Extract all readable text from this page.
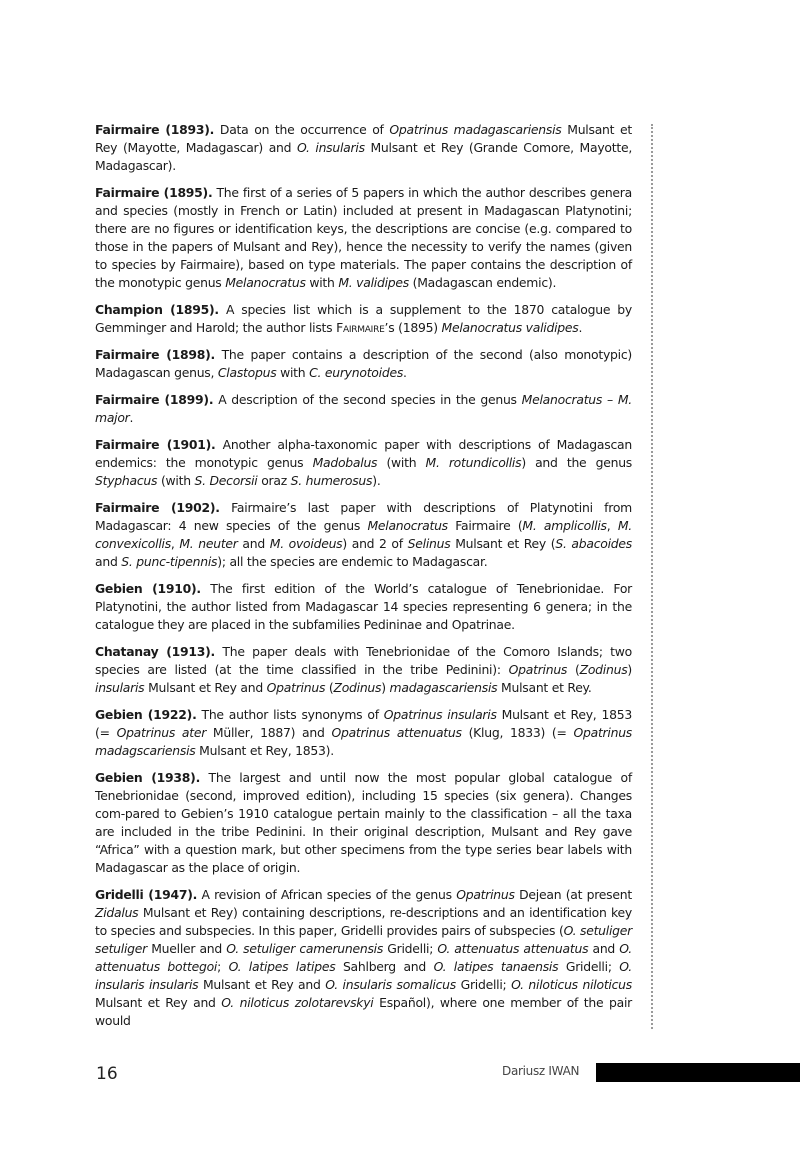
Fairmaire (1893). Data on the occurrence of Opatrinus madagascariensis Mulsant et Rey (Mayotte, Madagascar) and O. insularis Mulsant et Rey (Grande Comore, Mayotte, Madagascar).

Fairmaire (1895). The first of a series of 5 papers in which the author describes genera and species (mostly in French or Latin) included at present in Madagascan Platynotini; there are no figures or identification keys, the descriptions are concise (e.g. compared to those in the papers of Mulsant and Rey), hence the necessity to verify the names (given to species by Fairmaire), based on type materials. The paper contains the description of the monotypic genus Melanocratus with M. validipes (Madagascan endemic).

Champion (1895). A species list which is a supplement to the 1870 catalogue by Gemminger and Harold; the author lists Fairmaire’s (1895) Melanocratus validipes.

Fairmaire (1898). The paper contains a description of the second (also monotypic) Madagascan genus, Clastopus with C. eurynotoides.

Fairmaire (1899). A description of the second species in the genus Melanocratus – M. major.

Fairmaire (1901). Another alpha-taxonomic paper with descriptions of Madagascan endemics: the monotypic genus Madobalus (with M. rotundicollis) and the genus Styphacus (with S. Decorsii oraz S. humerosus).

Fairmaire (1902). Fairmaire’s last paper with descriptions of Platynotini from Madagascar: 4 new species of the genus Melanocratus Fairmaire (M. amplicollis, M. convexicollis, M. neuter and M. ovoideus) and 2 of Selinus Mulsant et Rey (S. abacoides and S. punc-tipennis); all the species are endemic to Madagascar.

Gebien (1910). The first edition of the World’s catalogue of Tenebrionidae. For Platynotini, the author listed from Madagascar 14 species representing 6 genera; in the catalogue they are placed in the subfamilies Pedininae and Opatrinae.

Chatanay (1913). The paper deals with Tenebrionidae of the Comoro Islands; two species are listed (at the time classified in the tribe Pedinini): Opatrinus (Zodinus) insularis Mulsant et Rey and Opatrinus (Zodinus) madagascariensis Mulsant et Rey.

Gebien (1922). The author lists synonyms of Opatrinus insularis Mulsant et Rey, 1853 (= Opatrinus ater Müller, 1887) and Opatrinus attenuatus (Klug, 1833) (= Opatrinus madagscariensis Mulsant et Rey, 1853).

Gebien (1938). The largest and until now the most popular global catalogue of Tenebrionidae (second, improved edition), including 15 species (six genera). Changes com-pared to Gebien’s 1910 catalogue pertain mainly to the classification – all the taxa are included in the tribe Pedinini. In their original description, Mulsant and Rey gave “Africa” with a question mark, but other specimens from the type series bear labels with Madagascar as the place of origin.

Gridelli (1947). A revision of African species of the genus Opatrinus Dejean (at present Zidalus Mulsant et Rey) containing descriptions, re-descriptions and an identification key to species and subspecies. In this paper, Gridelli provides pairs of subspecies (O. setuliger setuliger Mueller and O. setuliger camerunensis Gridelli; O. attenuatus attenuatus and O. attenuatus bottegoi; O. latipes latipes Sahlberg and O. latipes tanaensis Gridelli; O. insularis insularis Mulsant et Rey and O. insularis somalicus Gridelli; O. niloticus niloticus Mulsant et Rey and O. niloticus zolotarevskyi Español), where one member of the pair would

16	Dariusz IWAN
